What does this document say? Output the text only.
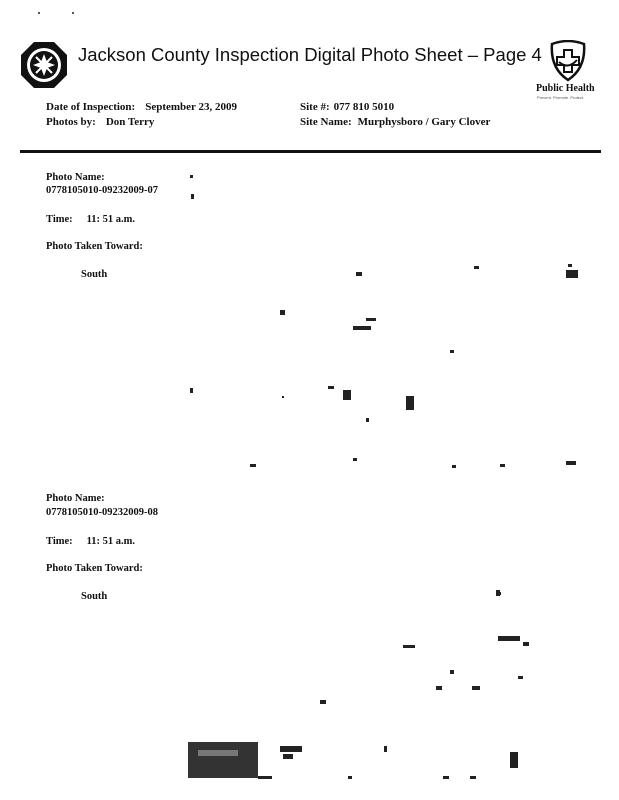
Jackson County Inspection Digital Photo Sheet – Page 4
Public Health
Prevent. Promote. Protect.
Date of Inspection: September 23, 2009
Photos by: Don Terry
Site #: 077 810 5010
Site Name: Murphysboro / Gary Clover
Photo Name:
0778105010-09232009-07
Time: 11: 51 a.m.
Photo Taken Toward:
South
Photo Name:
0778105010-09232009-08
Time: 11: 51 a.m.
Photo Taken Toward:
South
